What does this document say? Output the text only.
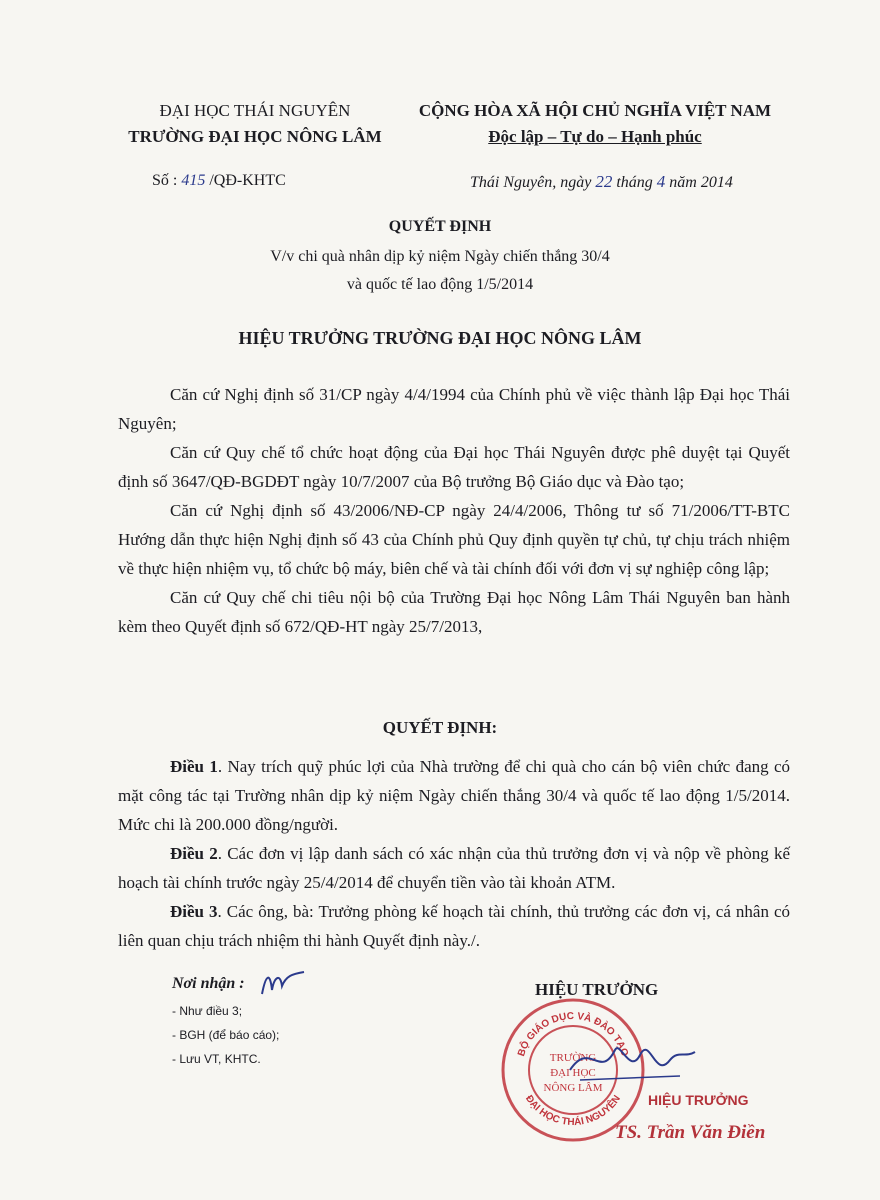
ĐẠI HỌC THÁI NGUYÊN
TRƯỜNG ĐẠI HỌC NÔNG LÂM
CỘNG HÒA XÃ HỘI CHỦ NGHĨA VIỆT NAM
Độc lập – Tự do – Hạnh phúc
Số : 415 /QĐ-KHTC	Thái Nguyên, ngày 22 tháng 4 năm 2014
QUYẾT ĐỊNH
V/v chi quà nhân dịp kỷ niệm Ngày chiến thắng 30/4
và quốc tế lao động 1/5/2014
HIỆU TRƯỞNG TRƯỜNG ĐẠI HỌC NÔNG LÂM

Căn cứ Nghị định số 31/CP ngày 4/4/1994 của Chính phủ về việc thành lập Đại học Thái Nguyên;

Căn cứ Quy chế tổ chức hoạt động của Đại học Thái Nguyên được phê duyệt tại Quyết định số 3647/QĐ-BGDĐT ngày 10/7/2007 của Bộ trưởng Bộ Giáo dục và Đào tạo;

Căn cứ Nghị định số 43/2006/NĐ-CP ngày 24/4/2006, Thông tư số 71/2006/TT-BTC Hướng dẫn thực hiện Nghị định số 43 của Chính phủ Quy định quyền tự chủ, tự chịu trách nhiệm về thực hiện nhiệm vụ, tổ chức bộ máy, biên chế và tài chính đối với đơn vị sự nghiệp công lập;

Căn cứ Quy chế chi tiêu nội bộ của Trường Đại học Nông Lâm Thái Nguyên ban hành kèm theo Quyết định số 672/QĐ-HT ngày 25/7/2013,

QUYẾT ĐỊNH:

Điều 1. Nay trích quỹ phúc lợi của Nhà trường để chi quà cho cán bộ viên chức đang có mặt công tác tại Trường nhân dịp kỷ niệm Ngày chiến thắng 30/4 và quốc tế lao động 1/5/2014. Mức chi là 200.000 đồng/người.

Điều 2. Các đơn vị lập danh sách có xác nhận của thủ trưởng đơn vị và nộp về phòng kế hoạch tài chính trước ngày 25/4/2014 để chuyển tiền vào tài khoản ATM.

Điều 3. Các ông, bà: Trưởng phòng kế hoạch tài chính, thủ trưởng các đơn vị, cá nhân có liên quan chịu trách nhiệm thi hành Quyết định này./.

Nơi nhận :
- Như điều 3;
- BGH (để báo cáo);
- Lưu VT, KHTC.
HIỆU TRƯỞNG
BỘ GIÁO DỤC VÀ ĐÀO TẠO
ĐẠI HỌC THÁI NGUYÊN
TRƯỜNG
ĐẠI HỌC
NÔNG LÂM
HIỆU TRƯỞNG
TS. Trần Văn Điền
